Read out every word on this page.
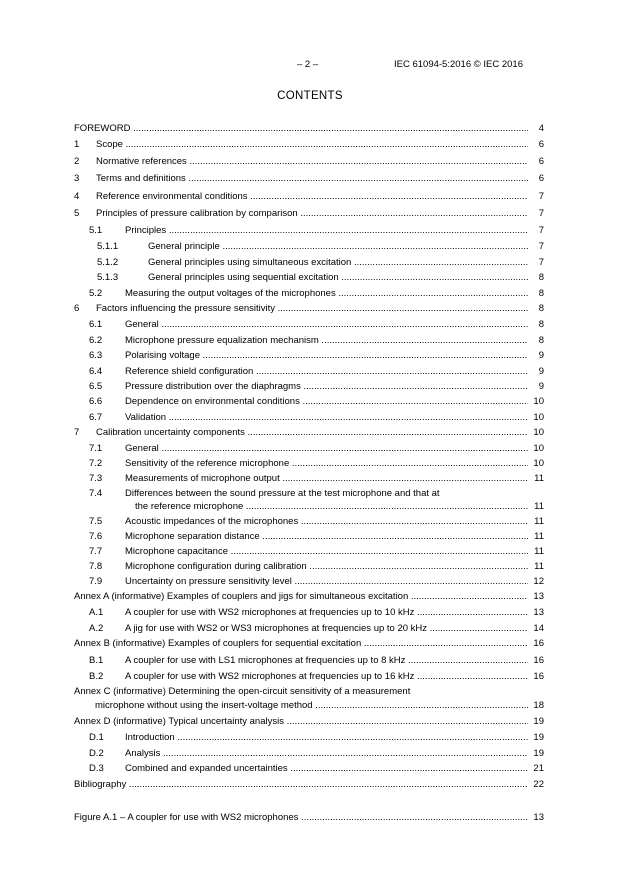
– 2 –	IEC 61094-5:2016 © IEC 2016
CONTENTS
FOREWORD .....	4
1 Scope .....	6
2 Normative references .....	6
3 Terms and definitions .....	6
4 Reference environmental conditions .....	7
5 Principles of pressure calibration by comparison .....	7
5.1 Principles .....	7
5.1.1	General principle .....	7
5.1.2	General principles using simultaneous excitation .....	7
5.1.3	General principles using sequential excitation .....	8
5.2 Measuring the output voltages of the microphones .....	8
6 Factors influencing the pressure sensitivity .....	8
6.1 General .....	8
6.2 Microphone pressure equalization mechanism .....	8
6.3 Polarising voltage .....	9
6.4 Reference shield configuration .....	9
6.5 Pressure distribution over the diaphragms .....	9
6.6 Dependence on environmental conditions .....	10
6.7 Validation .....	10
7 Calibration uncertainty components .....	10
7.1 General .....	10
7.2 Sensitivity of the reference microphone .....	10
7.3 Measurements of microphone output .....	11
7.4 Differences between the sound pressure at the test microphone and that at
the reference microphone .....	11
7.5 Acoustic impedances of the microphones .....	11
7.6 Microphone separation distance .....	11
7.7 Microphone capacitance .....	11
7.8 Microphone configuration during calibration .....	11
7.9 Uncertainty on pressure sensitivity level .....	12
Annex A (informative) Examples of couplers and jigs for simultaneous excitation .....	13
A.1 A coupler for use with WS2 microphones at frequencies up to 10 kHz .....	13
A.2 A jig for use with WS2 or WS3 microphones at frequencies up to 20 kHz .....	14
Annex B (informative) Examples of couplers for sequential excitation .....	16
B.1 A coupler for use with LS1 microphones at frequencies up to 8 kHz .....	16
B.2 A coupler for use with WS2 microphones at frequencies up to 16 kHz .....	16
Annex C (informative) Determining the open-circuit sensitivity of a measurement
microphone without using the insert-voltage method .....	18
Annex D (informative) Typical uncertainty analysis .....	19
D.1 Introduction .....	19
D.2 Analysis .....	19
D.3 Combined and expanded uncertainties .....	21
Bibliography .....	22
Figure A.1 – A coupler for use with WS2 microphones .....	13
